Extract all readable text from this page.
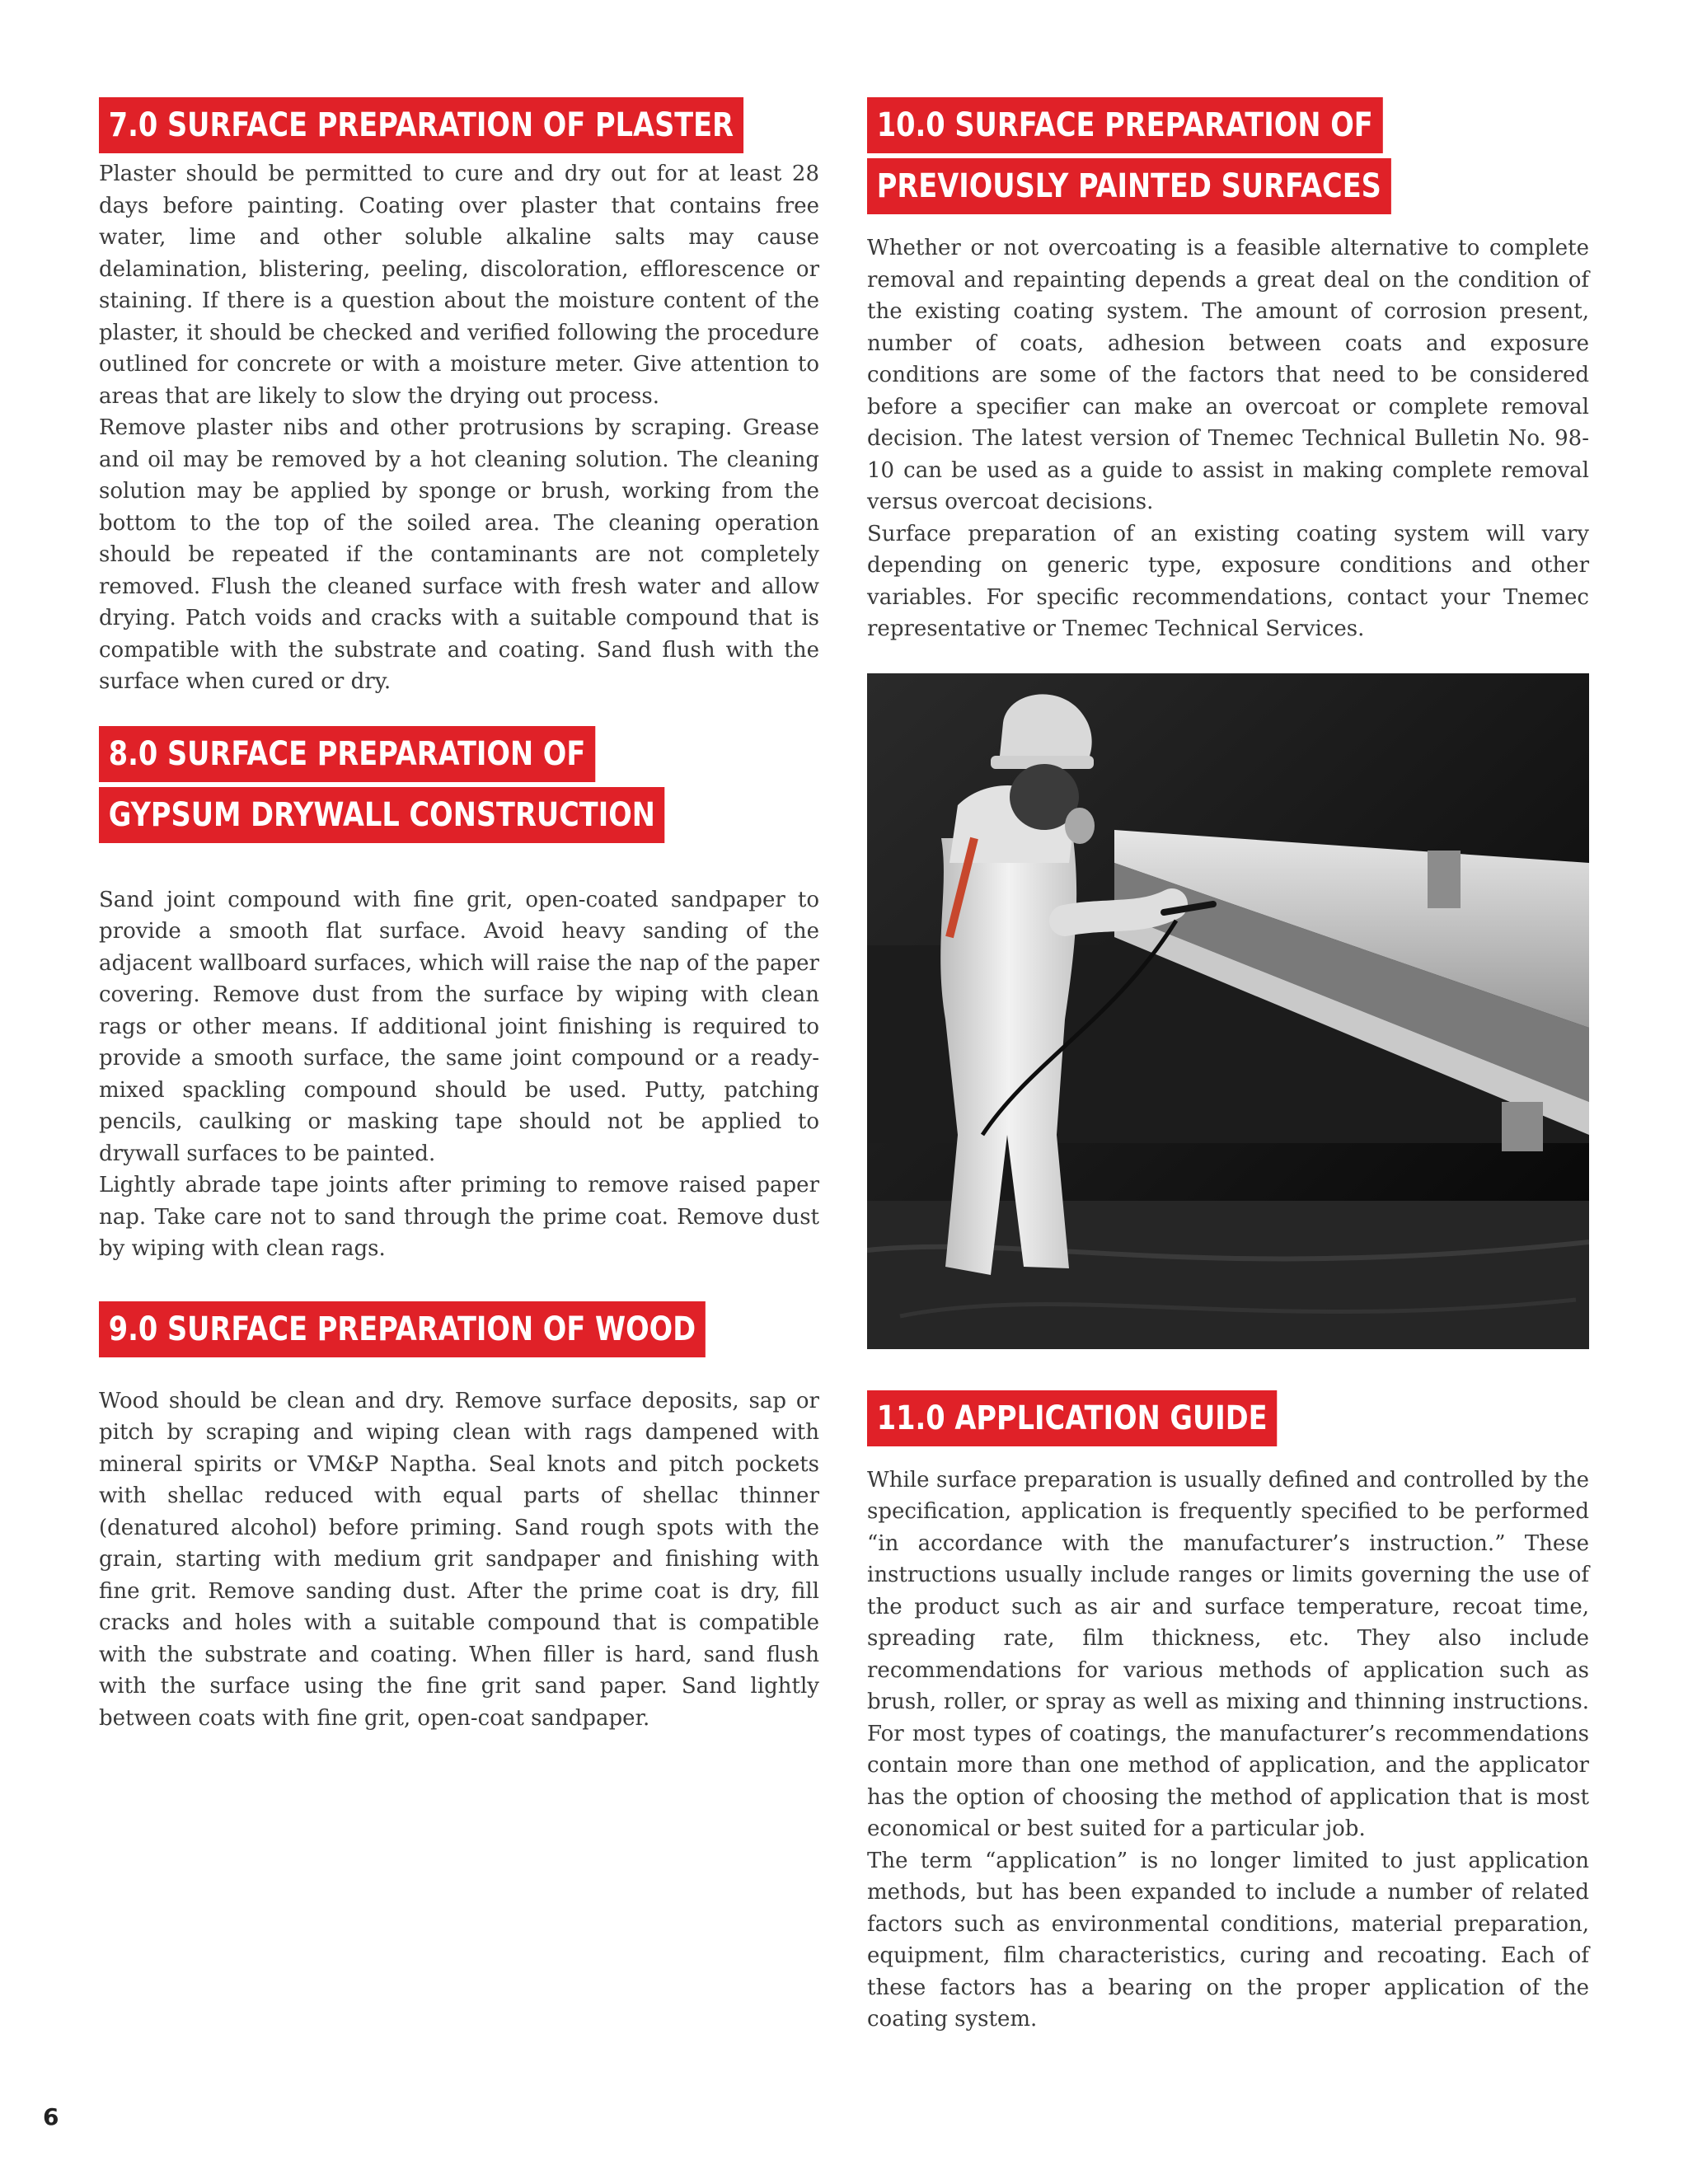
7.0 SURFACE PREPARATION OF PLASTER

Plaster should be permitted to cure and dry out for at least 28 days before painting. Coating over plaster that contains free water, lime and other soluble alkaline salts may cause delamination, blistering, peeling, discoloration, efflorescence or staining. If there is a question about the moisture content of the plaster, it should be checked and verified following the procedure outlined for concrete or with a moisture meter. Give attention to areas that are likely to slow the drying out process.

Remove plaster nibs and other protrusions by scraping. Grease and oil may be removed by a hot cleaning solution. The cleaning solution may be applied by sponge or brush, working from the bottom to the top of the soiled area. The cleaning operation should be repeated if the contaminants are not completely removed. Flush the cleaned surface with fresh water and allow drying. Patch voids and cracks with a suitable compound that is compatible with the substrate and coating. Sand flush with the surface when cured or dry.

8.0 SURFACE PREPARATION OF
GYPSUM DRYWALL CONSTRUCTION

Sand joint compound with fine grit, open-coated sandpaper to provide a smooth flat surface. Avoid heavy sanding of the adjacent wallboard surfaces, which will raise the nap of the paper covering. Remove dust from the surface by wiping with clean rags or other means. If additional joint finishing is required to provide a smooth surface, the same joint compound or a ready-mixed spackling compound should be used. Putty, patching pencils, caulking or masking tape should not be applied to drywall surfaces to be painted.

Lightly abrade tape joints after priming to remove raised paper nap. Take care not to sand through the prime coat. Remove dust by wiping with clean rags.

9.0 SURFACE PREPARATION OF WOOD

Wood should be clean and dry. Remove surface deposits, sap or pitch by scraping and wiping clean with rags dampened with mineral spirits or VM&P Naptha. Seal knots and pitch pockets with shellac reduced with equal parts of shellac thinner (denatured alcohol) before priming. Sand rough spots with the grain, starting with medium grit sandpaper and finishing with fine grit. Remove sanding dust. After the prime coat is dry, fill cracks and holes with a suitable compound that is compatible with the substrate and coating. When filler is hard, sand flush with the surface using the fine grit sand paper. Sand lightly between coats with fine grit, open-coat sandpaper.

10.0 SURFACE PREPARATION OF
PREVIOUSLY PAINTED SURFACES

Whether or not overcoating is a feasible alternative to complete removal and repainting depends a great deal on the condition of the existing coating system. The amount of corrosion present, number of coats, adhesion between coats and exposure conditions are some of the factors that need to be considered before a specifier can make an overcoat or complete removal decision. The latest version of Tnemec Technical Bulletin No. 98-10 can be used as a guide to assist in making complete removal versus overcoat decisions.

Surface preparation of an existing coating system will vary depending on generic type, exposure conditions and other variables. For specific recommendations, contact your Tnemec representative or Tnemec Technical Services.

11.0 APPLICATION GUIDE

While surface preparation is usually defined and controlled by the specification, application is frequently specified to be performed “in accordance with the manufacturer’s instruction.” These instructions usually include ranges or limits governing the use of the product such as air and surface temperature, recoat time, spreading rate, film thickness, etc. They also include recommendations for various methods of application such as brush, roller, or spray as well as mixing and thinning instructions. For most types of coatings, the manufacturer’s recommendations contain more than one method of application, and the applicator has the option of choosing the method of application that is most economical or best suited for a particular job.

The term “application” is no longer limited to just application methods, but has been expanded to include a number of related factors such as environmental conditions, material preparation, equipment, film characteristics, curing and recoating. Each of these factors has a bearing on the proper application of the coating system.

6
